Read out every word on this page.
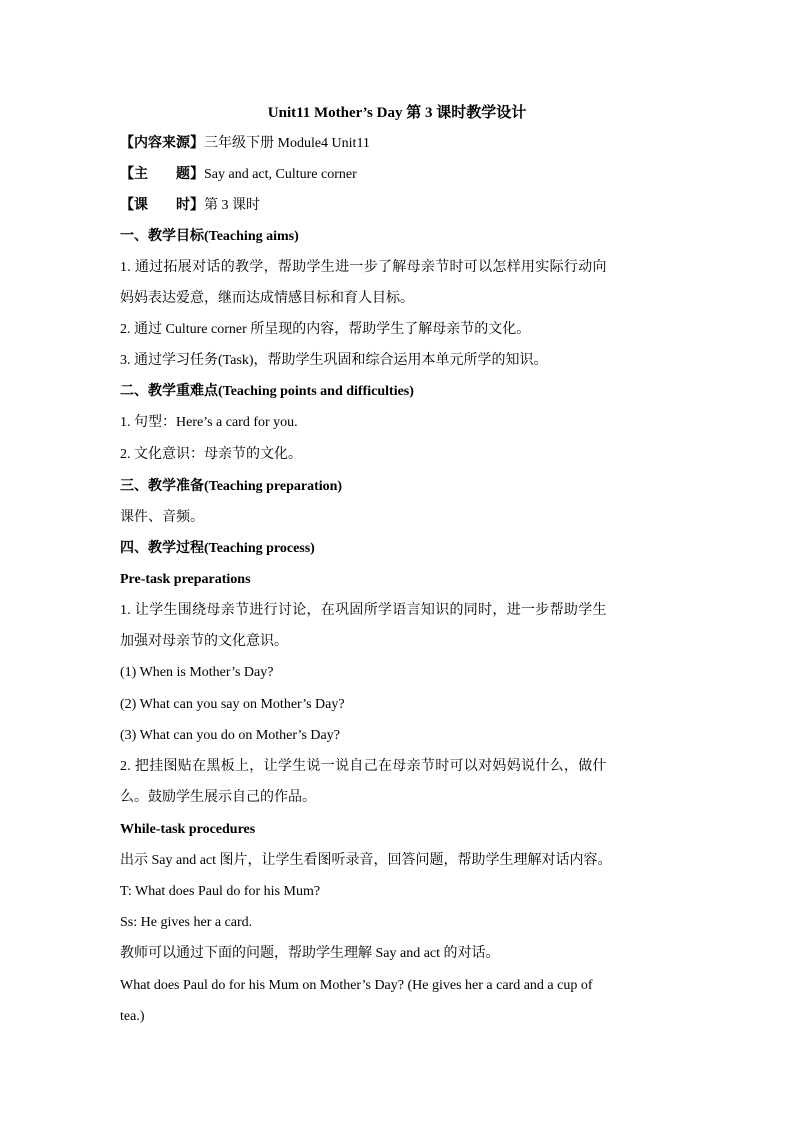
Unit11 Mother’s Day 第 3 课时教学设计
【内容来源】三年级下册 Module4 Unit11
【主　　题】Say and act, Culture corner
【课　　时】第 3 课时
一、教学目标(Teaching aims)
1. 通过拓展对话的教学，帮助学生进一步了解母亲节时可以怎样用实际行动向
妈妈表达爱意，继而达成情感目标和育人目标。
2. 通过 Culture corner 所呈现的内容，帮助学生了解母亲节的文化。
3. 通过学习任务(Task)，帮助学生巩固和综合运用本单元所学的知识。
二、教学重难点(Teaching points and difficulties)
1. 句型：Here’s a card for you.
2. 文化意识：母亲节的文化。
三、教学准备(Teaching preparation)
课件、音频。
四、教学过程(Teaching process)
Pre-task preparations
1. 让学生围绕母亲节进行讨论，在巩固所学语言知识的同时，进一步帮助学生
加强对母亲节的文化意识。
(1) When is Mother’s Day?
(2) What can you say on Mother’s Day?
(3) What can you do on Mother’s Day?
2. 把挂图贴在黑板上，让学生说一说自己在母亲节时可以对妈妈说什么，做什
么。鼓励学生展示自己的作品。
While-task procedures
出示 Say and act 图片，让学生看图听录音，回答问题，帮助学生理解对话内容。
T: What does Paul do for his Mum?
Ss: He gives her a card.
教师可以通过下面的问题，帮助学生理解 Say and act 的对话。
What does Paul do for his Mum on Mother’s Day? (He gives her a card and a cup of
tea.)
